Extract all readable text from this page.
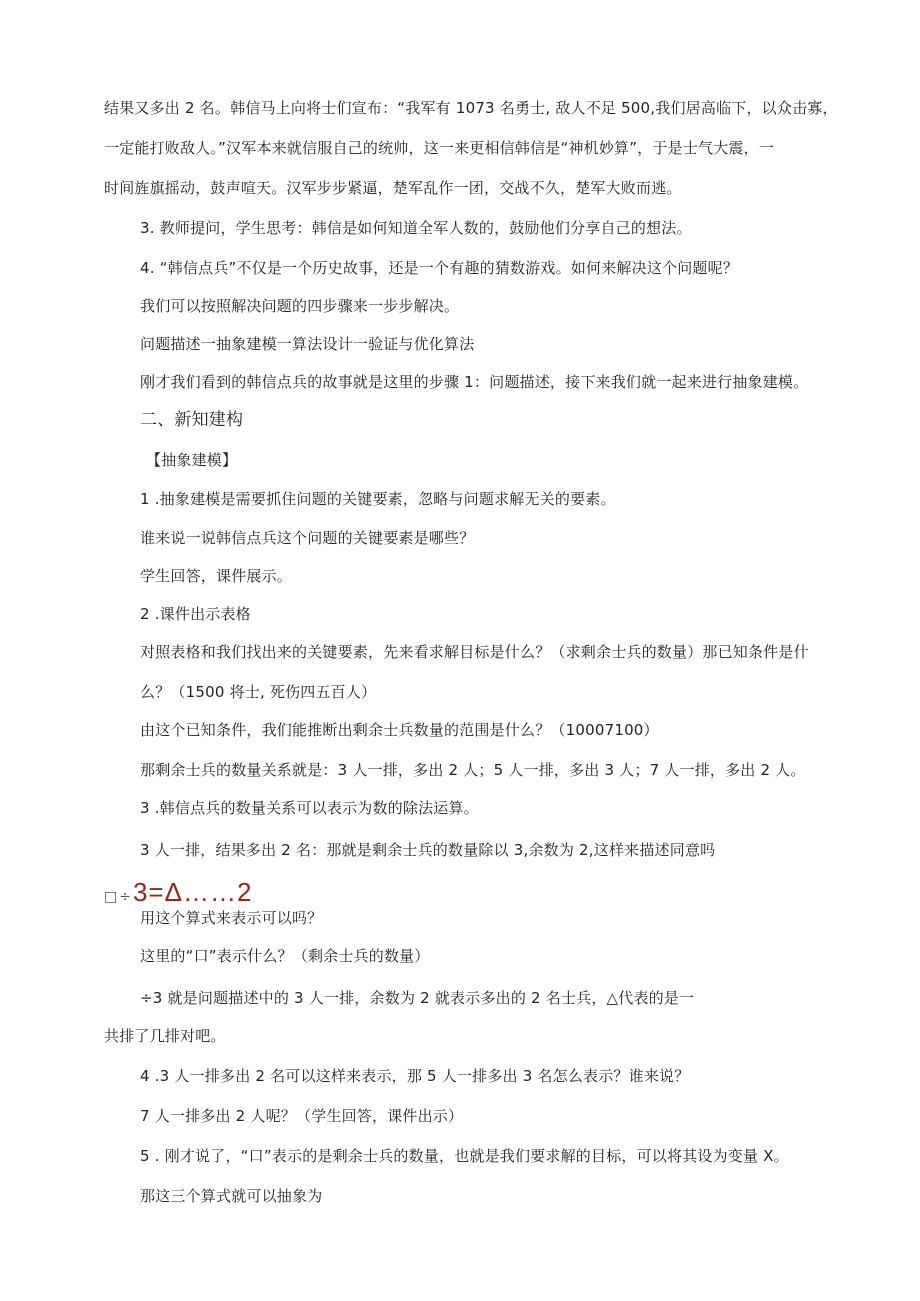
结果又多出 2 名。韩信马上向将士们宣布：“我军有 1073 名勇士, 敌人不足 500,我们居高临下，以众击寡，
一定能打败敌人。”汉军本来就信服自己的统帅，这一来更相信韩信是“神机妙算”，于是士气大震，一
时间旌旗摇动，鼓声喧天。汉军步步紧逼，楚军乱作一团，交战不久，楚军大败而逃。
3. 教师提问，学生思考：韩信是如何知道全军人数的，鼓励他们分享自己的想法。
4. “韩信点兵”不仅是一个历史故事，还是一个有趣的猜数游戏。如何来解决这个问题呢？
我们可以按照解决问题的四步骤来一步步解决。
问题描述一抽象建模一算法设计一验证与优化算法
刚才我们看到的韩信点兵的故事就是这里的步骤 1：问题描述，接下来我们就一起来进行抽象建模。
二、新知建构
【抽象建模】
1 .抽象建模是需要抓住问题的关键要素，忽略与问题求解无关的要素。
谁来说一说韩信点兵这个问题的关键要素是哪些？
学生回答，课件展示。
2 .课件出示表格
对照表格和我们找出来的关键要素，先来看求解目标是什么？（求剩余士兵的数量）那已知条件是什
么？（1500 将士, 死伤四五百人）
由这个已知条件，我们能推断出剩余士兵数量的范围是什么？（10007100）
那剩余士兵的数量关系就是：3 人一排，多出 2 人；5 人一排，多出 3 人；7 人一排，多出 2 人。
3 .韩信点兵的数量关系可以表示为数的除法运算。
3 人一排，结果多出 2 名：那就是剩余士兵的数量除以 3,余数为 2,这样来描述同意吗
□ ÷3=Δ……2
用这个算式来表示可以吗？
这里的“口”表示什么？（剩余士兵的数量）
÷3 就是问题描述中的 3 人一排，余数为 2 就表示多出的 2 名士兵，△代表的是一
共排了几排对吧。
4 .3 人一排多出 2 名可以这样来表示，那 5 人一排多出 3 名怎么表示？谁来说？
7 人一排多出 2 人呢？（学生回答，课件出示）
5 . 刚才说了，“口”表示的是剩余士兵的数量，也就是我们要求解的目标，可以将其设为变量 X。
那这三个算式就可以抽象为
